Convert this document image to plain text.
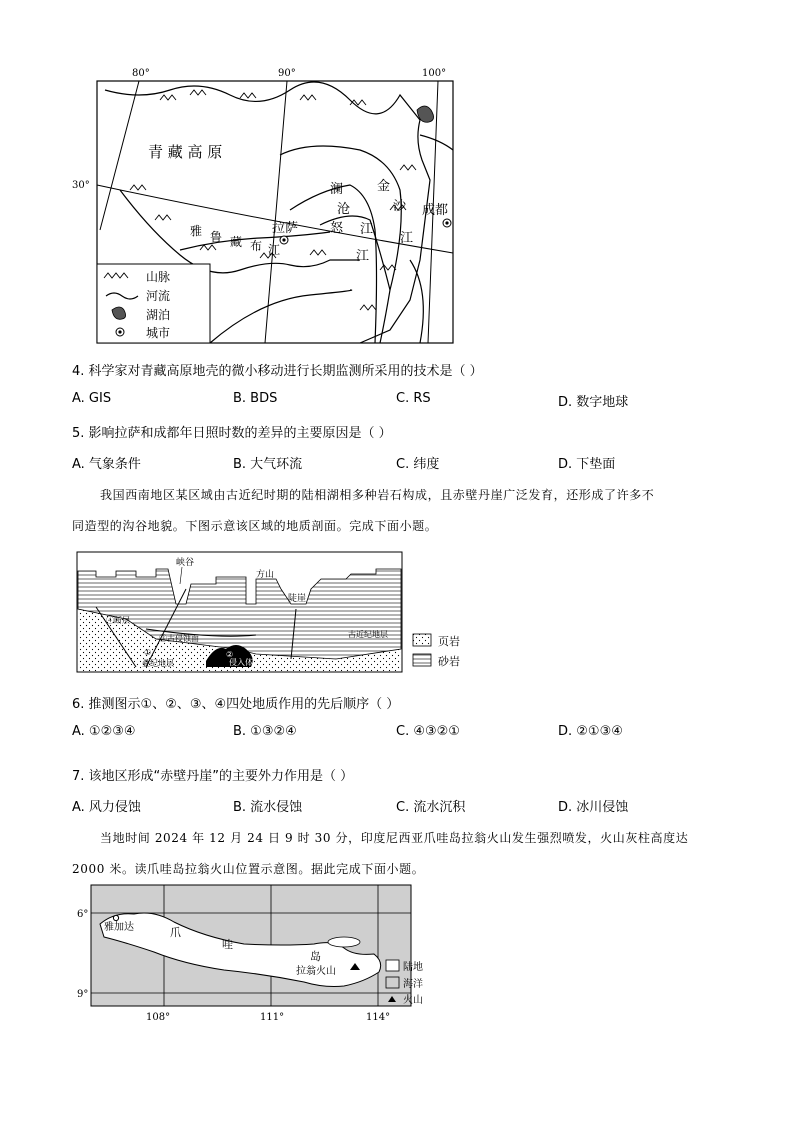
80°	90°	100°
30°
青 藏 高 原
澜
沧
江
金
沙
江
怒
江
雅 鲁 藏 布 江
拉萨
成都
山脉
河流
湖泊
城市
4. 科学家对青藏高原地壳的微小移动进行长期监测所采用的技术是（ ）
A. GIS	B. BDS	C. RS	D. 数字地球
5. 影响拉萨和成都年日照时数的差异的主要原因是（ ）
A. 气象条件	B. 大气环流	C. 纬度	D. 下垫面
我国西南地区某区域由古近纪时期的陆相湖相多种岩石构成，且赤壁丹崖广泛发育，还形成了许多不
同造型的沟谷地貌。下图示意该区域的地质剖面。完成下面小题。
峡谷
方山
陡崖
④断层
③古侵蚀面	古近纪地层
①
叠纪地层
②
侵入体
页岩
砂岩
6. 推测图示①、②、③、④四处地质作用的先后顺序（ ）
A. ①②③④	B. ①③②④	C. ④③②①	D. ②①③④
7. 该地区形成“赤壁丹崖”的主要外力作用是（ ）
A. 风力侵蚀	B. 流水侵蚀	C. 流水沉积	D. 冰川侵蚀
当地时间 2024 年 12 月 24 日 9 时 30 分，印度尼西亚爪哇岛拉翁火山发生强烈喷发，火山灰柱高度达
2000 米。读爪哇岛拉翁火山位置示意图。据此完成下面小题。
6°
9°
108°	111°	114°
雅加达	爪
哇
岛
拉翁火山	陆地
海洋
火山
